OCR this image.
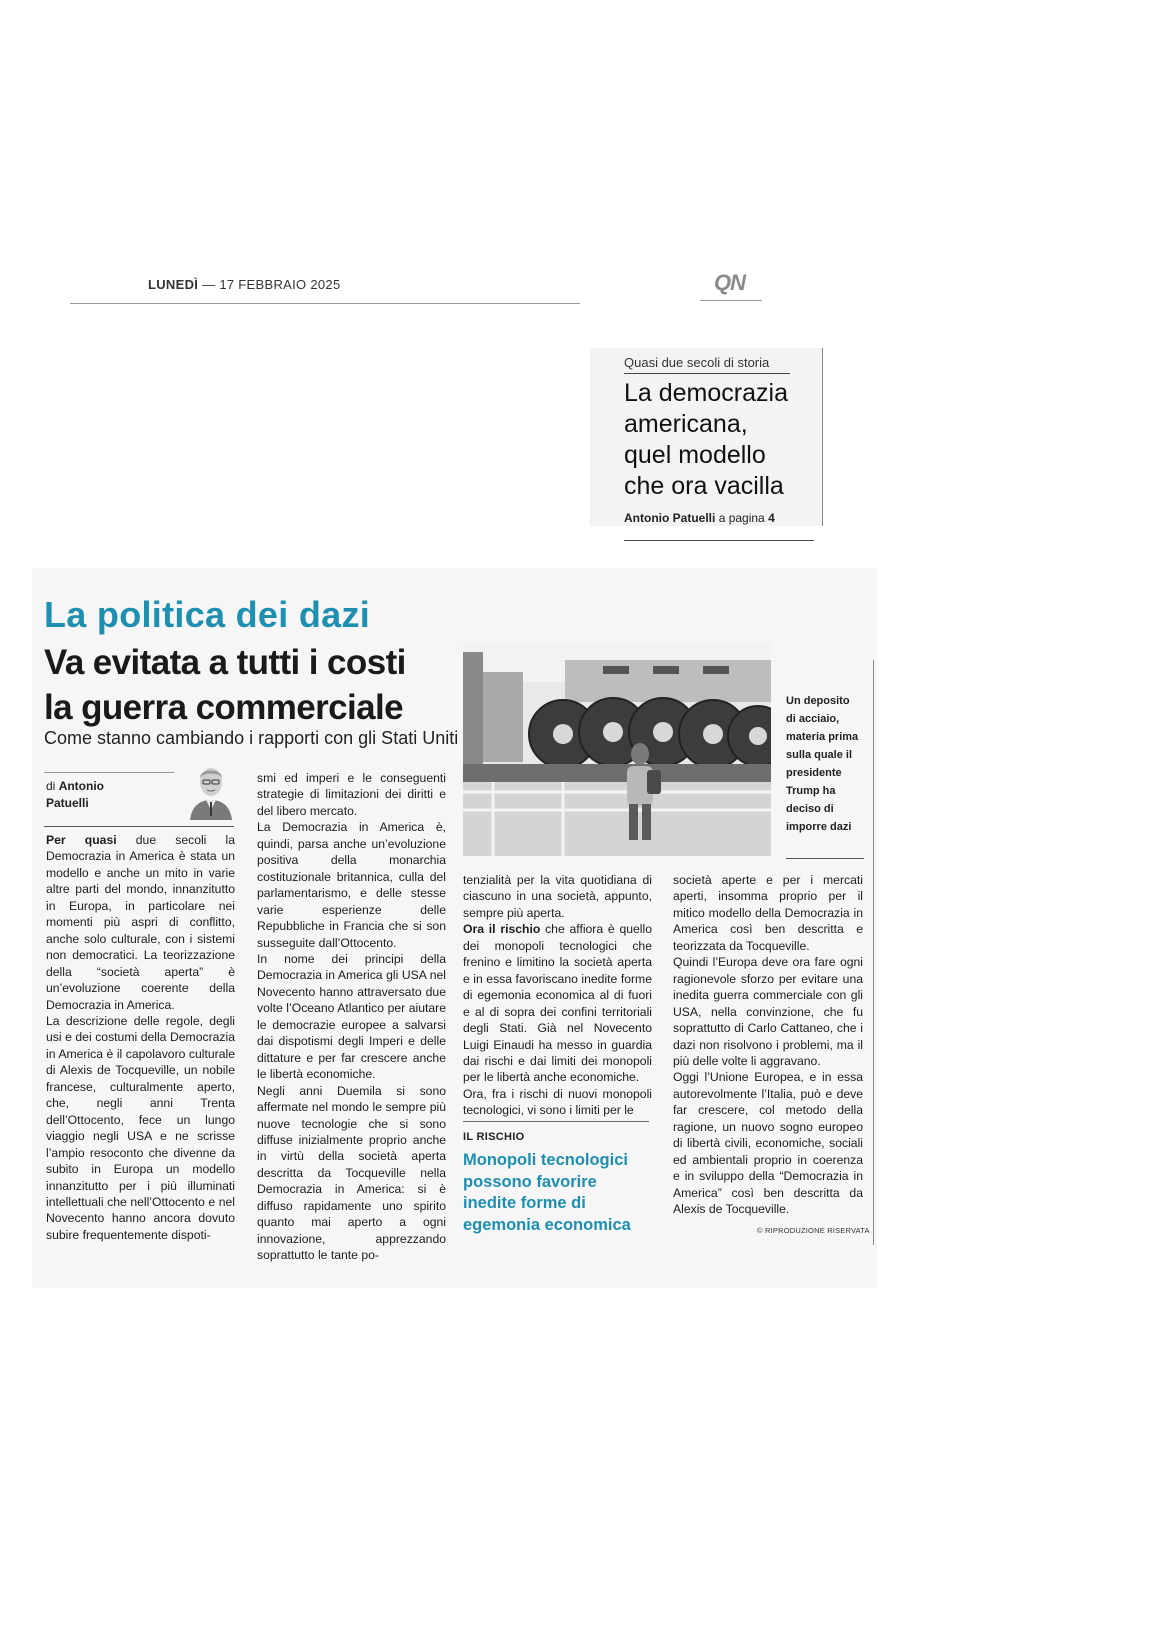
LUNEDÌ — 17 FEBBRAIO 2025	QN
Quasi due secoli di storia
La democrazia
americana,
quel modello
che ora vacilla
Antonio Patuelli a pagina 4
La politica dei dazi
Va evitata a tutti i costi
la guerra commerciale
Come stanno cambiando i rapporti con gli Stati Uniti
di Antonio
Patuelli

Per quasi due secoli la Democrazia in America è stata un modello e anche un mito in varie altre parti del mondo, innanzitutto in Europa, in particolare nei momenti più aspri di conflitto, anche solo culturale, con i sistemi non democratici. La teorizzazione della “società aperta” è un’evoluzione coerente della Democrazia in America.

La descrizione delle regole, degli usi e dei costumi della Democrazia in America è il capolavoro culturale di Alexis de Tocqueville, un nobile francese, culturalmente aperto, che, negli anni Trenta dell’Ottocento, fece un lungo viaggio negli USA e ne scrisse l’ampio resoconto che divenne da subito in Europa un modello innanzitutto per i più illuminati intellettuali che nell’Ottocento e nel Novecento hanno ancora dovuto subire frequentemente dispoti-

smi ed imperi e le conseguenti strategie di limitazioni dei diritti e del libero mercato.

La Democrazia in America è, quindi, parsa anche un’evoluzione positiva della monarchia costituzionale britannica, culla del parlamentarismo, e delle stesse varie esperienze delle Repubbliche in Francia che si son susseguite dall’Ottocento.

In nome dei principi della Democrazia in America gli USA nel Novecento hanno attraversato due volte l’Oceano Atlantico per aiutare le democrazie europee a salvarsi dai dispotismi degli Imperi e delle dittature e per far crescere anche le libertà economiche.

Negli anni Duemila si sono affermate nel mondo le sempre più nuove tecnologie che si sono diffuse inizialmente proprio anche in virtù della società aperta descritta da Tocqueville nella Democrazia in America: si è diffuso rapidamente uno spirito quanto mai aperto a ogni innovazione, apprezzando soprattutto le tante po-

Un deposito di acciaio, materia prima sulla quale il presidente Trump ha deciso di imporre dazi

tenzialità per la vita quotidiana di ciascuno in una società, appunto, sempre più aperta.

Ora il rischio che affiora è quello dei monopoli tecnologici che frenino e limitino la società aperta e in essa favoriscano inedite forme di egemonia economica al di fuori e al di sopra dei confini territoriali degli Stati. Già nel Novecento Luigi Einaudi ha messo in guardia dai rischi e dai limiti dei monopoli per le libertà anche economiche.

Ora, fra i rischi di nuovi monopoli tecnologici, vi sono i limiti per le

IL RISCHIO
Monopoli tecnologici possono favorire inedite forme di egemonia economica

società aperte e per i mercati aperti, insomma proprio per il mitico modello della Democrazia in America così ben descritta e teorizzata da Tocqueville.

Quindi l’Europa deve ora fare ogni ragionevole sforzo per evitare una inedita guerra commerciale con gli USA, nella convinzione, che fu soprattutto di Carlo Cattaneo, che i dazi non risolvono i problemi, ma il più delle volte li aggravano.

Oggi l’Unione Europea, e in essa autorevolmente l’Italia, può e deve far crescere, col metodo della ragione, un nuovo sogno europeo di libertà civili, economiche, sociali ed ambientali proprio in coerenza e in sviluppo della “Democrazia in America” così ben descritta da Alexis de Tocqueville.

© RIPRODUZIONE RISERVATA
